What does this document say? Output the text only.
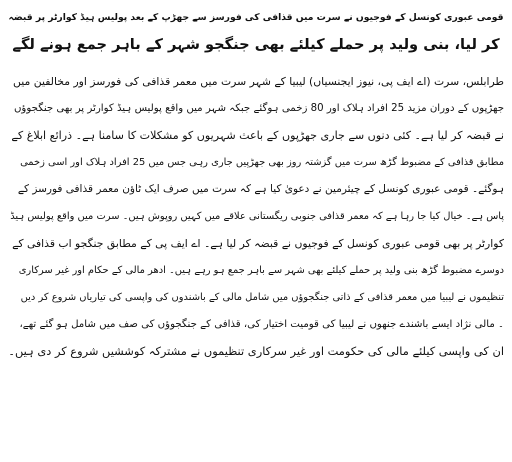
قومی عبوری کونسل کے فوجیوں نے سرت میں قذافی کی فورسز سے جھڑپ کے بعد پولیس ہیڈ کوارٹر پر قبضہ
کر لیا، بنی ولید پر حملے کیلئے بھی جنگجو شہر کے باہر جمع ہونے لگے
طرابلس، سرت (اے ایف پی، نیوز ایجنسیاں) لیبیا کے شہر سرت میں معمر قذافی کی فورسز اور مخالفین میں
جھڑپوں کے دوران مزید 25 افراد ہلاک اور 80 زخمی ہوگئے جبکہ شہر میں واقع پولیس ہیڈ کوارٹر پر بھی جنگجوؤں
نے قبضہ کر لیا ہے۔ کئی دنوں سے جاری جھڑپوں کے باعث شہریوں کو مشکلات کا سامنا ہے۔ ذرائع ابلاغ کے
مطابق قذافی کے مضبوط گڑھ سرت میں گزشتہ روز بھی جھڑپیں جاری رہی جس میں 25 افراد ہلاک اور اسی زخمی
ہوگئے۔ قومی عبوری کونسل کے چیئرمین نے دعویٰ کیا ہے کہ سرت میں صرف ایک ٹاؤن معمر قذافی فورسز کے
پاس ہے۔ خیال کیا جا رہا ہے کہ معمر قذافی جنوبی ریگستانی علاقے میں کہیں روپوش ہیں۔ سرت میں واقع پولیس ہیڈ
کوارٹر پر بھی قومی عبوری کونسل کے فوجیوں نے قبضہ کر لیا ہے۔ اے ایف پی کے مطابق جنگجو اب قذافی کے
دوسرے مضبوط گڑھ بنی ولید پر حملے کیلئے بھی شہر سے باہر جمع ہو رہے ہیں۔ ادھر مالی کے حکام اور غیر سرکاری
تنظیموں نے لیبیا میں معمر قذافی کے ذاتی جنگجوؤں میں شامل مالی کے باشندوں کی واپسی کی تیاریاں شروع کر دیں
۔ مالی نژاد ایسے باشندے جنھوں نے لیبیا کی قومیت اختیار کی، قذافی کے جنگجوؤں کی صف میں شامل ہو گئے تھے،
ان کی واپسی کیلئے مالی کی حکومت اور غیر سرکاری تنظیموں نے مشترکہ کوششیں شروع کر دی ہیں۔
